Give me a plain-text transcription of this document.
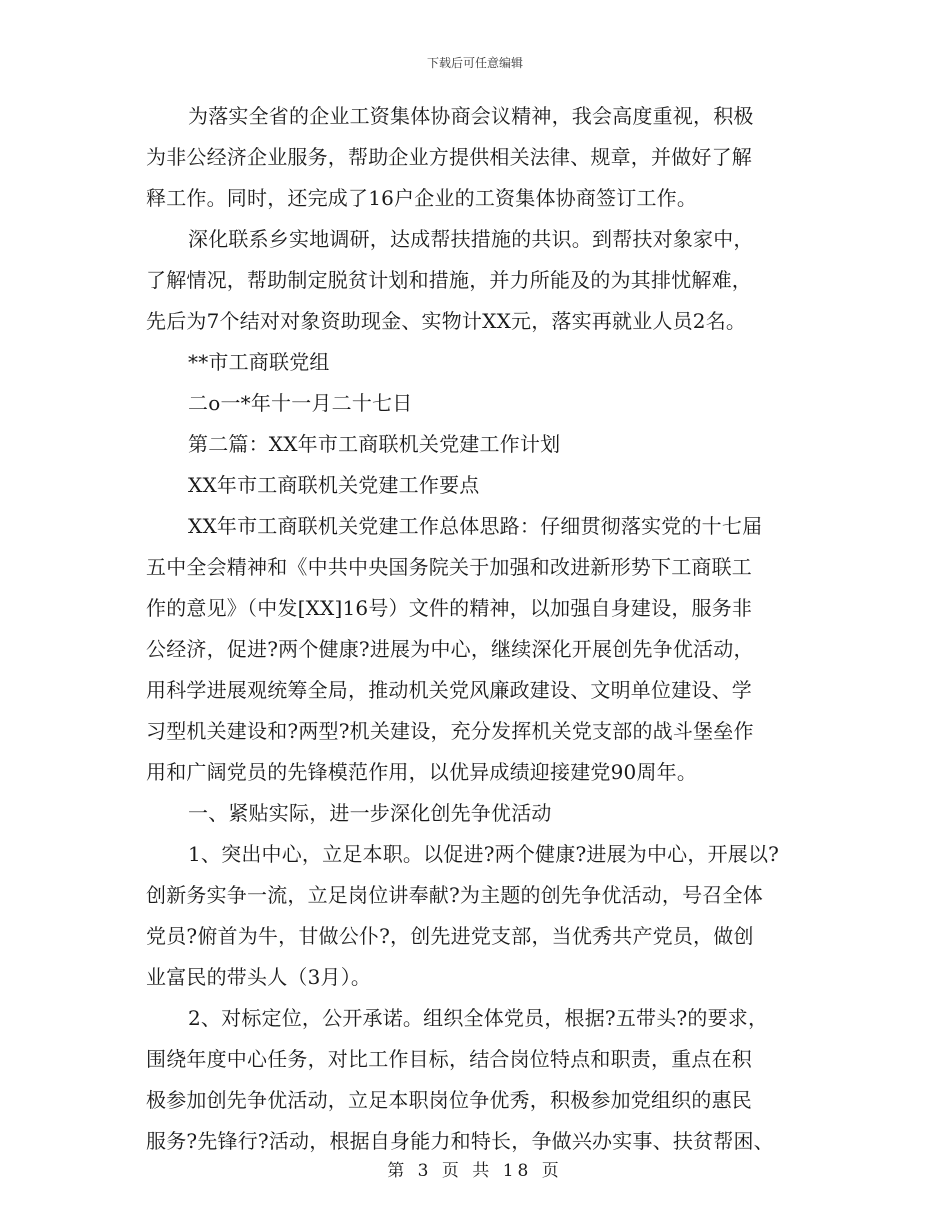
下载后可任意编辑
为落实全省的企业工资集体协商会议精神，我会高度重视，积极
为非公经济企业服务，帮助企业方提供相关法律、规章，并做好了解
释工作。同时，还完成了16户企业的工资集体协商签订工作。
深化联系乡实地调研，达成帮扶措施的共识。到帮扶对象家中，
了解情况，帮助制定脱贫计划和措施，并力所能及的为其排忧解难，
先后为7个结对对象资助现金、实物计XX元，落实再就业人员2名。
**市工商联党组
二o一*年十一月二十七日
第二篇：XX年市工商联机关党建工作计划
XX年市工商联机关党建工作要点
XX年市工商联机关党建工作总体思路：仔细贯彻落实党的十七届
五中全会精神和《中共中央国务院关于加强和改进新形势下工商联工
作的意见》（中发[XX]16号）文件的精神，以加强自身建设，服务非
公经济，促进?两个健康?进展为中心，继续深化开展创先争优活动，
用科学进展观统筹全局，推动机关党风廉政建设、文明单位建设、学
习型机关建设和?两型?机关建设，充分发挥机关党支部的战斗堡垒作
用和广阔党员的先锋模范作用，以优异成绩迎接建党90周年。
一、紧贴实际，进一步深化创先争优活动
1、突出中心，立足本职。以促进?两个健康?进展为中心，开展以?
创新务实争一流，立足岗位讲奉献?为主题的创先争优活动，号召全体
党员?俯首为牛，甘做公仆?，创先进党支部，当优秀共产党员，做创
业富民的带头人（3月）。
2、对标定位，公开承诺。组织全体党员，根据?五带头?的要求，
围绕年度中心任务，对比工作目标，结合岗位特点和职责，重点在积
极参加创先争优活动，立足本职岗位争优秀，积极参加党组织的惠民
服务?先锋行?活动，根据自身能力和特长，争做兴办实事、扶贫帮困、
第 3 页 共 18 页
